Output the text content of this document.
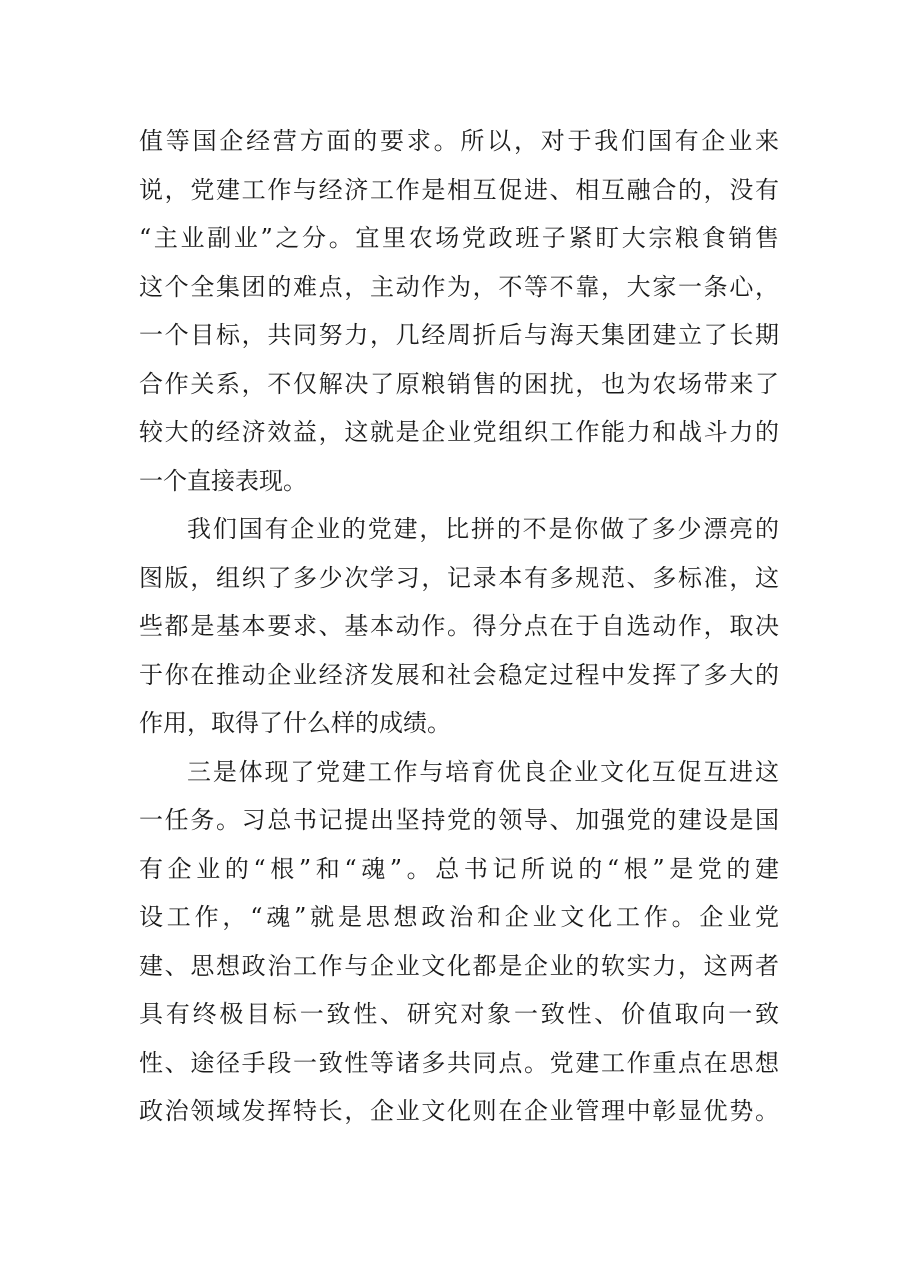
值等国企经营方面的要求。所以，对于我们国有企业来
说，党建工作与经济工作是相互促进、相互融合的，没有
“主业副业”之分。宜里农场党政班子紧盯大宗粮食销售
这个全集团的难点，主动作为，不等不靠，大家一条心，
一个目标，共同努力，几经周折后与海天集团建立了长期
合作关系，不仅解决了原粮销售的困扰，也为农场带来了
较大的经济效益，这就是企业党组织工作能力和战斗力的
一个直接表现。
我们国有企业的党建，比拼的不是你做了多少漂亮的
图版，组织了多少次学习，记录本有多规范、多标准，这
些都是基本要求、基本动作。得分点在于自选动作，取决
于你在推动企业经济发展和社会稳定过程中发挥了多大的
作用，取得了什么样的成绩。
三是体现了党建工作与培育优良企业文化互促互进这
一任务。习总书记提出坚持党的领导、加强党的建设是国
有企业的“根”和“魂”。总书记所说的“根”是党的建
设工作，“魂”就是思想政治和企业文化工作。企业党
建、思想政治工作与企业文化都是企业的软实力，这两者
具有终极目标一致性、研究对象一致性、价值取向一致
性、途径手段一致性等诸多共同点。党建工作重点在思想
政治领域发挥特长，企业文化则在企业管理中彰显优势。
